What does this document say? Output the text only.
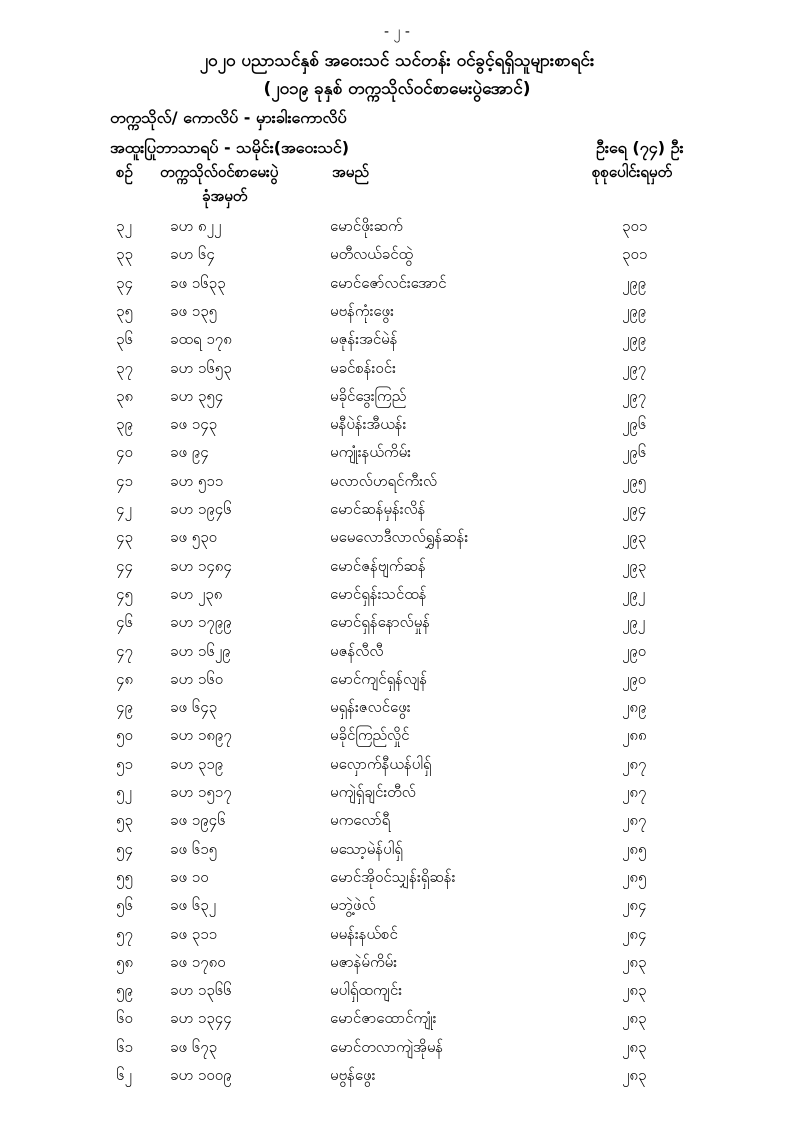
- ၂ -
၂၀၂၀ ပညာသင်နှစ် အဝေးသင် သင်တန်း ဝင်ခွင့်ရရှိသူများစာရင်း
(၂၀၁၉ ခုနှစ် တက္ကသိုလ်ဝင်စာမေးပွဲအောင်)
တက္ကသိုလ်/ ကောလိပ် - မှားခါးကောလိပ်
အထူးပြုဘာသာရပ် - သမိုင်း(အဝေးသင်)	ဦးရေ (၇၄) ဦး
စဉ် တက္ကသိုလ်ဝင်စာမေးပွဲ
ခုံအမှတ်
အမည်	စုစုပေါင်းရမှတ်
၃၂	ခဟ ၈၂၂	မောင်ဖိုးဆက်	၃၀၁
၃၃ ခဟ ၆၄	မတီလယ်ခင်ထွဲ	၃၀၁
၃၄ ခဖ ၁၆၃၃	မောင်ဇော်လင်းအောင်	၂၉၉
၃၅ ခဖ ၁၃၅	မဗန်ကုံးဖွေး	၂၉၉
၃၆ ခထရ ၁၇၈	မဇုန်းအင်မဲန်	၂၉၉
၃၇ ခဟ ၁၆၅၃	မခင်စန်းဝင်း	၂၉၇
၃၈ ခဟ ၃၅၄	မခိုင်ဒွေးကြည်	၂၉၇
၃၉ ခဖ ၁၄၃	မနီပဲန်းအီယန်း	၂၉၆
၄၀ ခဖ ၉၄	မကျုံးနယ်ကိမ်း	၂၉၆
၄၁ ခဟ ၅၁၁	မလာလ်ဟရင်ကီးလ်	၂၉၅
၄၂	ခဟ ၁၉၄၆	မောင်ဆန်မှန်းလိန်	၂၉၄
၄၃ ခဖ ၅၃၀	မမေလောဒီလာလ်ရွှန်ဆန်း	၂၉၃
၄၄ ခဟ ၁၄၈၄	မောင်ဇန်ဗျက်ဆန်	၂၉၃
၄၅ ခဟ ၂၃၈	မောင်ရှန်းသင်ထန်	၂၉၂
၄၆ ခဟ ၁၇၉၉	မောင်ရှန်နောလ်မှုန်	၂၉၂
၄၇ ခဟ ၁၆၂၉	မဇန်လီလီ	၂၉၀
၄၈ ခဟ ၁၆၀	မောင်ကျင်ရှန်လျန်	၂၉၀
၄၉ ခဖ ၆၄၃	မရှန်းဇလင်ဖွေး	၂၈၉
၅၀ ခဟ ၁၈၉၇	မခိုင်ကြည်လှိုင်	၂၈၈
၅၁ ခဟ ၃၁၉	မလှောက်နီယန်ပါရှ်	၂၈၇
၅၂	ခဟ ၁၅၁၇	မကျဲရှ်ချင်းတီလ်	၂၈၇
၅၃ ခဖ ၁၉၄၆	မကလော်ရီ	၂၈၇
၅၄ ခဖ ၆၁၅	မသော့မဲန်ပါရှ်	၂၈၅
၅၅ ခဖ ၁၀	မောင်အိုဝင်သျှန်းရှိဆန်း	၂၈၅
၅၆ ခဖ ၆၃၂	မဘွဲ့ဖဲလ်	၂၈၄
၅၇ ခဖ ၃၁၁	မမန်းနယ်စင်	၂၈၄
၅၈ ခဖ ၁၇၈၀	မဇာနဲမ်ကိမ်း	၂၈၃
၅၉ ခဟ ၁၃၆၆	မပါရှ်ထကျင်း	၂၈၃
၆၀ ခဟ ၁၃၄၄	မောင်ဇာထောင်ကျုံး	၂၈၃
၆၁ ခဖ ၆၇၃	မောင်တလာကျဲအိုမန်	၂၈၃
၆၂	ခဟ ၁၀၀၉	မဗွန်ဖွေး	၂၈၃
